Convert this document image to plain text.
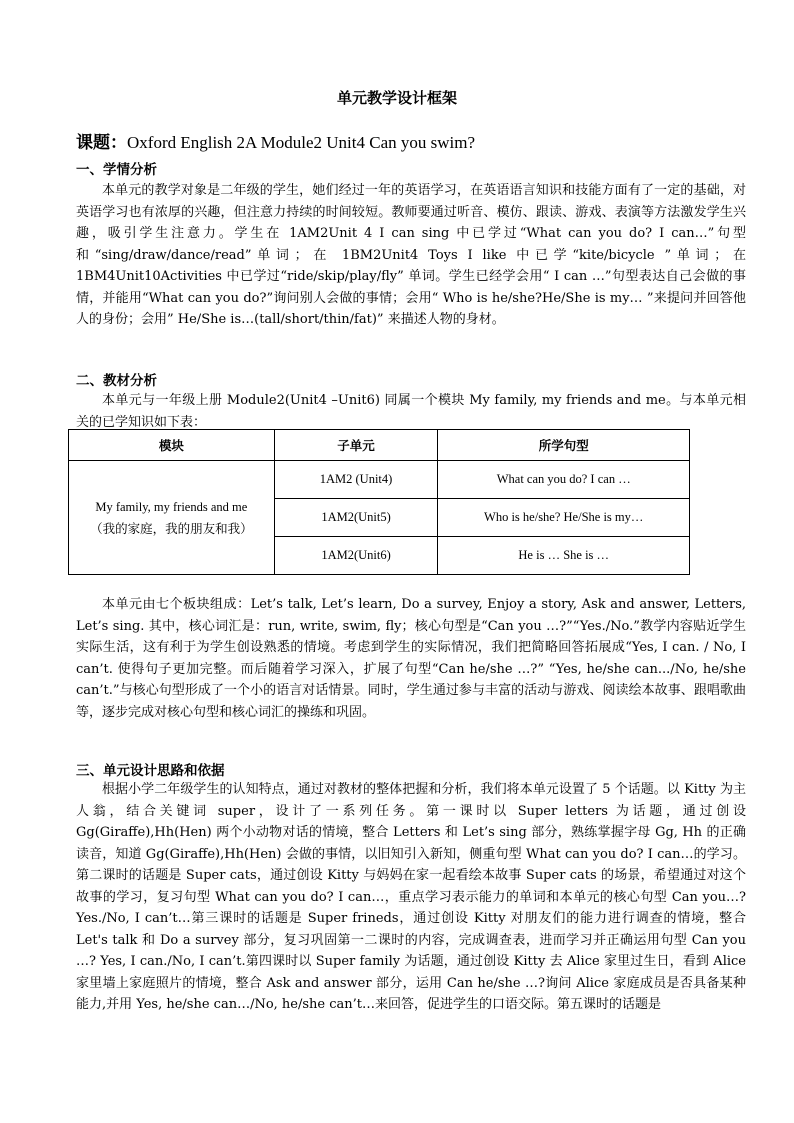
单元教学设计框架
课题：Oxford English 2A Module2 Unit4 Can you swim?
一、学情分析

本单元的教学对象是二年级的学生，她们经过一年的英语学习，在英语语言知识和技能方面有了一定的基础，对英语学习也有浓厚的兴趣，但注意力持续的时间较短。教师要通过听音、模仿、跟读、游戏、表演等方法激发学生兴趣，吸引学生注意力。学生在 1AM2Unit 4 I can sing 中已学过“What can you do? I can…”句型和“sing/draw/dance/read”单词；在 1BM2Unit4 Toys I like 中已学“kite/bicycle ”单词；在 1BM4Unit10Activities 中已学过“ride/skip/play/fly” 单词。学生已经学会用“ I can …”句型表达自己会做的事情，并能用“What can you do?”询问别人会做的事情；会用“ Who is he/she?He/She is my… ”来提问并回答他人的身份；会用” He/She is…(tall/short/thin/fat)” 来描述人物的身材。

二、教材分析

本单元与一年级上册 Module2(Unit4 –Unit6) 同属一个模块 My family, my friends and me。与本单元相关的已学知识如下表：

模块	子单元	所学句型

My family, my friends and me
（我的家庭，我的朋友和我）	1AM2 (Unit4)	What can you do? I can …
	1AM2(Unit5)	Who is he/she? He/She is my…
	1AM2(Unit6)	He is … She is …

本单元由七个板块组成：Let’s talk, Let’s learn, Do a survey, Enjoy a story, Ask and answer, Letters, Let’s sing. 其中，核心词汇是：run, write, swim, fly；核心句型是“Can you …?”“Yes./No.”教学内容贴近学生实际生活，这有利于为学生创设熟悉的情境。考虑到学生的实际情况，我们把简略回答拓展成“Yes, I can. / No, I can’t. 使得句子更加完整。而后随着学习深入，扩展了句型“Can he/she …?” “Yes, he/she can.../No, he/she can’t.”与核心句型形成了一个小的语言对话情景。同时，学生通过参与丰富的活动与游戏、阅读绘本故事、跟唱歌曲等，逐步完成对核心句型和核心词汇的操练和巩固。

三、单元设计思路和依据

根据小学二年级学生的认知特点，通过对教材的整体把握和分析，我们将本单元设置了 5 个话题。以 Kitty 为主人翁，结合关键词 super，设计了一系列任务。第一课时以 Super letters 为话题，通过创设 Gg(Giraffe),Hh(Hen) 两个小动物对话的情境，整合 Letters 和 Let’s sing 部分，熟练掌握字母 Gg, Hh 的正确读音，知道 Gg(Giraffe),Hh(Hen) 会做的事情，以旧知引入新知，侧重句型 What can you do? I can…的学习。第二课时的话题是 Super cats，通过创设 Kitty 与妈妈在家一起看绘本故事 Super cats 的场景，希望通过对这个故事的学习，复习句型 What can you do? I can…，重点学习表示能力的单词和本单元的核心句型 Can you…? Yes./No, I can’t…第三课时的话题是 Super frineds，通过创设 Kitty 对朋友们的能力进行调查的情境，整合 Let's talk 和 Do a survey 部分，复习巩固第一二课时的内容，完成调查表，进而学习并正确运用句型 Can you …? Yes, I can./No, I can’t.第四课时以 Super family 为话题，通过创设 Kitty 去 Alice 家里过生日，看到 Alice 家里墙上家庭照片的情境，整合 Ask and answer 部分，运用 Can he/she …?询问 Alice 家庭成员是否具备某种能力,并用 Yes, he/she can…/No, he/she can’t…来回答，促进学生的口语交际。第五课时的话题是
